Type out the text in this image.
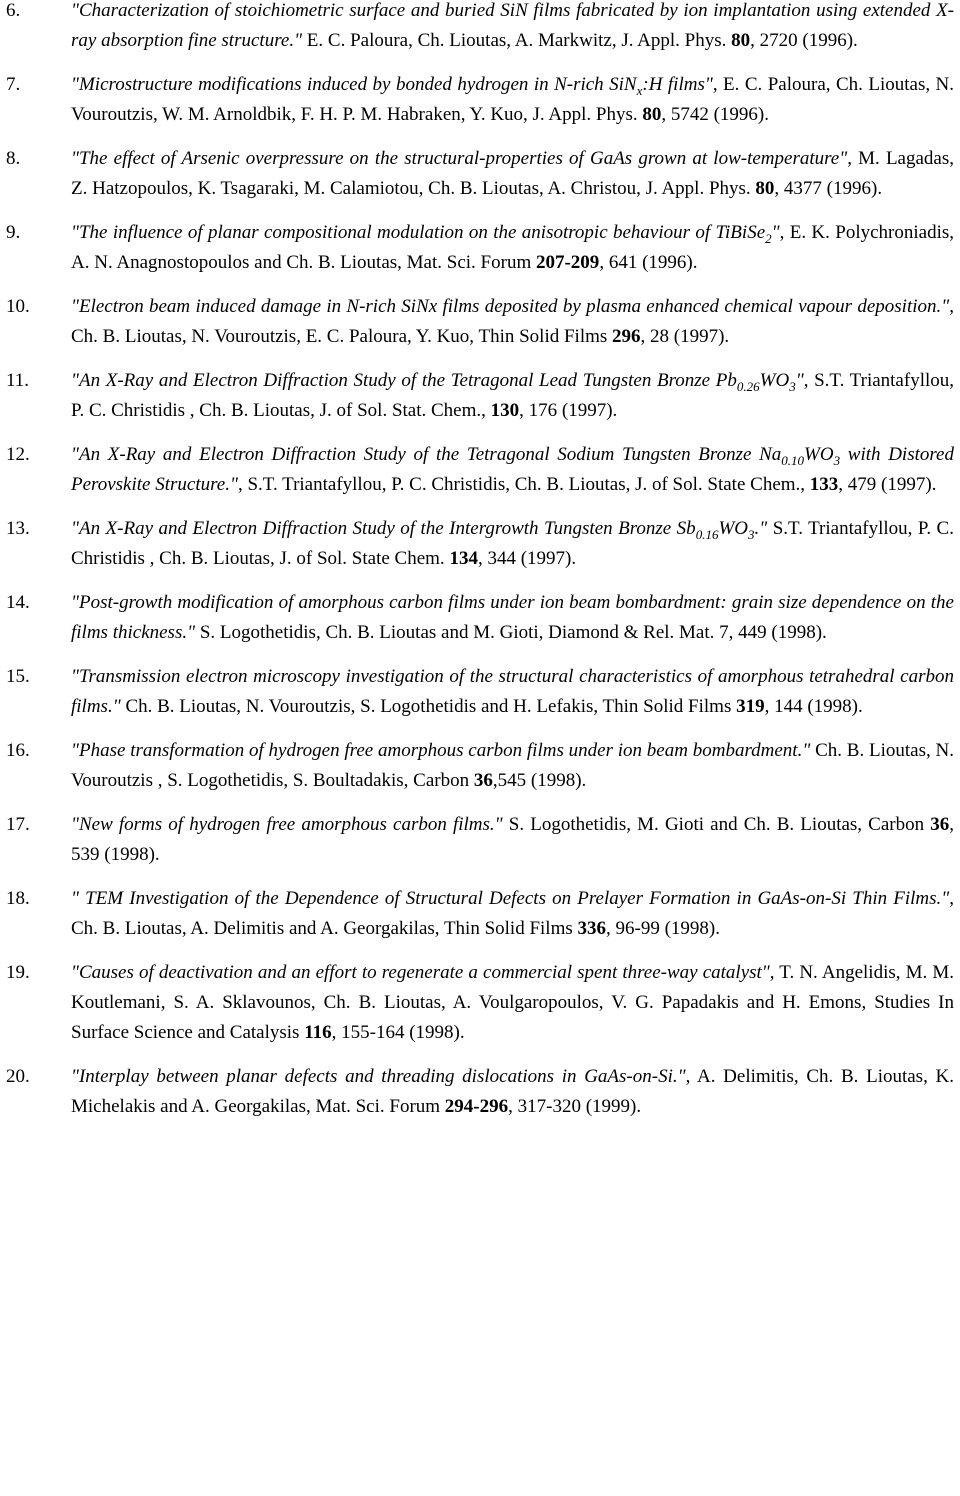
6.	"Characterization of stoichiometric surface and buried SiN films fabricated by ion implantation using extended X-ray absorption fine structure." E. C. Paloura, Ch. Lioutas, A. Markwitz, J. Appl. Phys. 80, 2720 (1996).
7.	"Microstructure modifications induced by bonded hydrogen in N-rich SiN$_x$:H films", E. C. Paloura, Ch. Lioutas, N. Vouroutzis, W. M. Arnoldbik, F. H. P. M. Habraken, Y. Kuo, J. Appl. Phys. 80, 5742 (1996).
8.	"The effect of Arsenic overpressure on the structural-properties of GaAs grown at low-temperature", M. Lagadas, Z. Hatzopoulos, K. Tsagaraki, M. Calamiotou, Ch. B. Lioutas, A. Christou, J. Appl. Phys. 80, 4377 (1996).
9.	"The influence of planar compositional modulation on the anisotropic behaviour of TiBiSe$_2$", E. K. Polychroniadis, A. N. Anagnostopoulos and Ch. B. Lioutas, Mat. Sci. Forum 207-209, 641 (1996).
10. "Electron beam induced damage in N-rich SiNx films deposited by plasma enhanced chemical vapour deposition.", Ch. B. Lioutas, N. Vouroutzis, E. C. Paloura, Y. Kuo, Thin Solid Films 296, 28 (1997).
11. "An X-Ray and Electron Diffraction Study of the Tetragonal Lead Tungsten Bronze $Pb_{0.26}WO_3$", S.T. Triantafyllou, P. C. Christidis , Ch. B. Lioutas, J. of Sol. Stat. Chem., 130, 176 (1997).
12. "An X-Ray and Electron Diffraction Study of the Tetragonal Sodium Tungsten Bronze $Na_{0.10}WO_3$ with Distored Perovskite Structure.", S.T. Triantafyllou, P. C. Christidis, Ch. B. Lioutas, J. of Sol. State Chem., 133, 479 (1997).
13. "An X-Ray and Electron Diffraction Study of the Intergrowth Tungsten Bronze $Sb_{0.16}WO_3$." S.T. Triantafyllou, P. C. Christidis , Ch. B. Lioutas, J. of Sol. State Chem. 134, 344 (1997).
14. "Post-growth modification of amorphous carbon films under ion beam bombardment: grain size dependence on the films thickness." S. Logothetidis, Ch. B. Lioutas and M. Gioti, Diamond & Rel. Mat. 7, 449 (1998).
15. "Transmission electron microscopy investigation of the structural characteristics of amorphous tetrahedral carbon films." Ch. B. Lioutas, N. Vouroutzis, S. Logothetidis and H. Lefakis, Thin Solid Films 319, 144 (1998).
16. "Phase transformation of hydrogen free amorphous carbon films under ion beam bombardment." Ch. B. Lioutas, N. Vouroutzis , S. Logothetidis, S. Boultadakis, Carbon 36,545 (1998).
17. "New forms of hydrogen free amorphous carbon films." S. Logothetidis, M. Gioti and Ch. B. Lioutas, Carbon 36, 539 (1998).
18. " TEM Investigation of the Dependence of Structural Defects on Prelayer Formation in GaAs-on-Si Thin Films.", Ch. B. Lioutas, A. Delimitis and A. Georgakilas, Thin Solid Films 336, 96-99 (1998).
19. "Causes of deactivation and an effort to regenerate a commercial spent three-way catalyst", T. N. Angelidis, M. M. Koutlemani, S. A. Sklavounos, Ch. B. Lioutas, A. Voulgaropoulos, V. G. Papadakis and H. Emons, Studies In Surface Science and Catalysis 116, 155-164 (1998).
20. "Interplay between planar defects and threading dislocations in GaAs-on-Si.", A. Delimitis, Ch. B. Lioutas, K. Michelakis and A. Georgakilas, Mat. Sci. Forum 294-296, 317-320 (1999).
